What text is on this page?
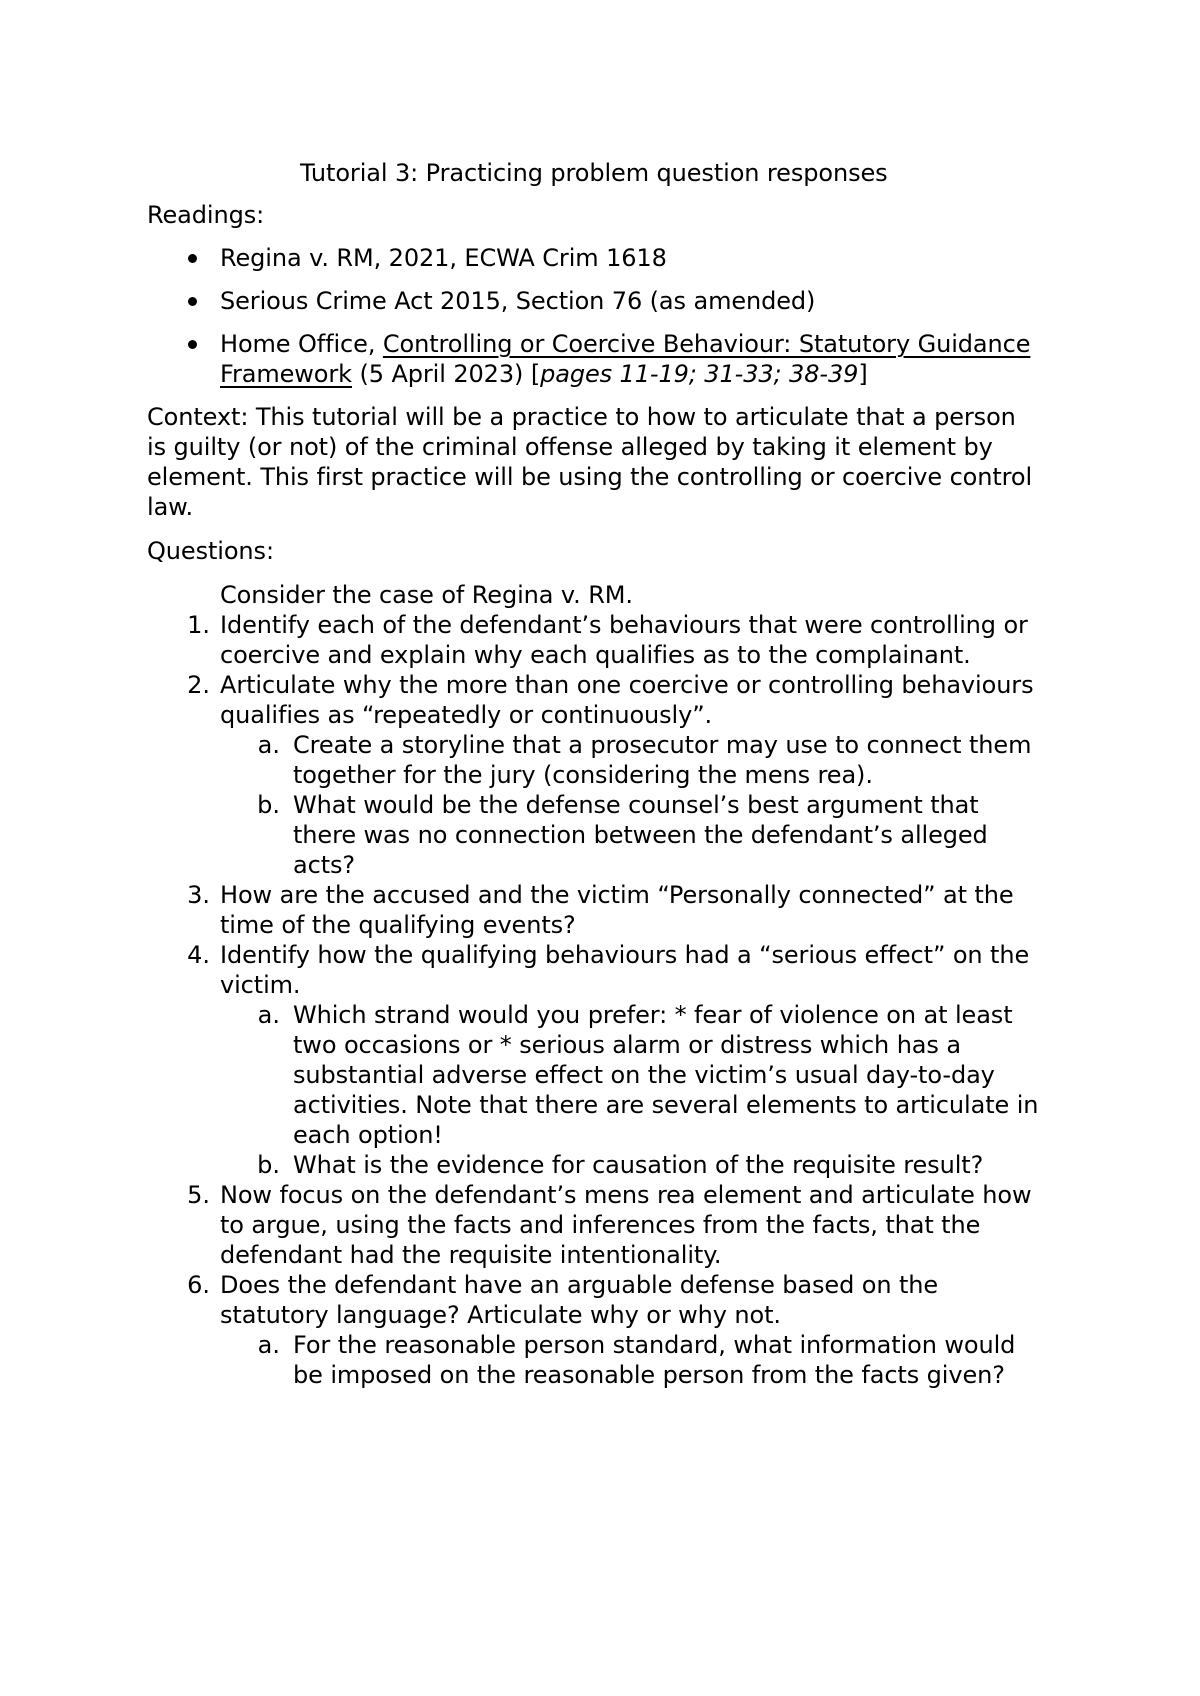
Tutorial 3: Practicing problem question responses
Readings:
Regina v. RM, 2021, ECWA Crim 1618
Serious Crime Act 2015, Section 76 (as amended)
Home Office, Controlling or Coercive Behaviour: Statutory Guidance
Framework (5 April 2023) [pages 11-19; 31-33; 38-39]
Context: This tutorial will be a practice to how to articulate that a person
is guilty (or not) of the criminal offense alleged by taking it element by
element. This first practice will be using the controlling or coercive control
law.
Questions:
Consider the case of Regina v. RM.
1. Identify each of the defendant’s behaviours that were controlling or
coercive and explain why each qualifies as to the complainant.
2. Articulate why the more than one coercive or controlling behaviours
qualifies as “repeatedly or continuously”.
a. Create a storyline that a prosecutor may use to connect them
together for the jury (considering the mens rea).
b. What would be the defense counsel’s best argument that
there was no connection between the defendant’s alleged
acts?
3. How are the accused and the victim “Personally connected” at the
time of the qualifying events?
4. Identify how the qualifying behaviours had a “serious effect” on the
victim.
a. Which strand would you prefer: * fear of violence on at least
two occasions or * serious alarm or distress which has a
substantial adverse effect on the victim’s usual day-to-day
activities. Note that there are several elements to articulate in
each option!
b. What is the evidence for causation of the requisite result?
5. Now focus on the defendant’s mens rea element and articulate how
to argue, using the facts and inferences from the facts, that the
defendant had the requisite intentionality.
6. Does the defendant have an arguable defense based on the
statutory language? Articulate why or why not.
a. For the reasonable person standard, what information would
be imposed on the reasonable person from the facts given?
